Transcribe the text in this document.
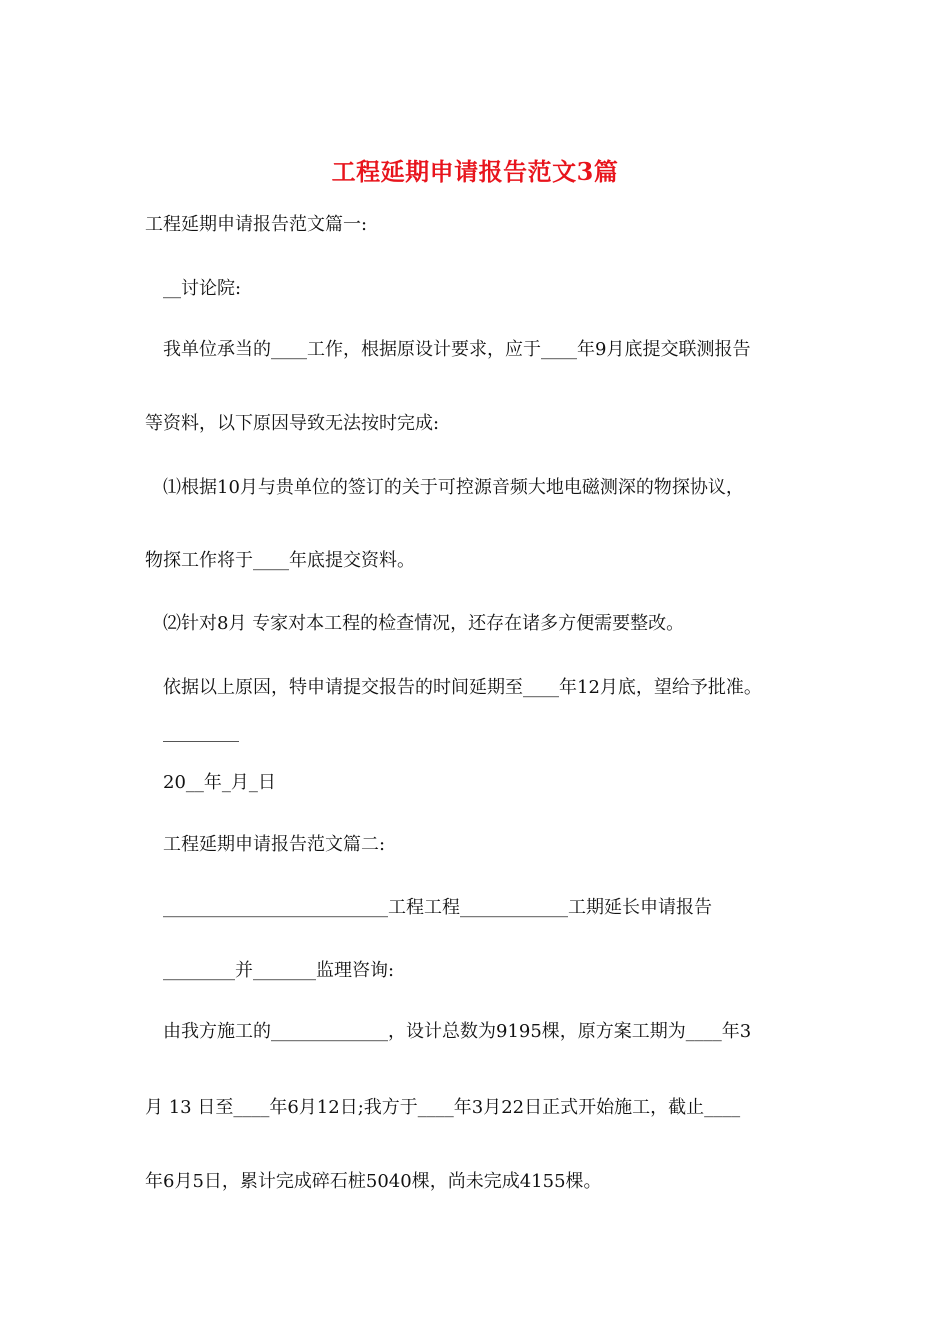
工程延期申请报告范文3篇
工程延期申请报告范文篇一:
__讨论院:
我单位承当的____工作，根据原设计要求，应于____年9月底提交联测报告
等资料，以下原因导致无法按时完成:
⑴根据10月与贵单位的签订的关于可控源音频大地电磁测深的物探协议，
物探工作将于____年底提交资料。
⑵针对8月 专家对本工程的检查情况，还存在诸多方便需要整改。
依据以上原因，特申请提交报告的时间延期至____年12月底，望给予批准。
20__年_月_日
工程延期申请报告范文篇二:
_________________________工程工程____________工期延长申请报告
________并_______监理咨询:
由我方施工的_____________，设计总数为9195棵，原方案工期为____年3
月 13 日至____年6月12日;我方于____年3月22日正式开始施工，截止____
年6月5日，累计完成碎石桩5040棵，尚未完成4155棵。
